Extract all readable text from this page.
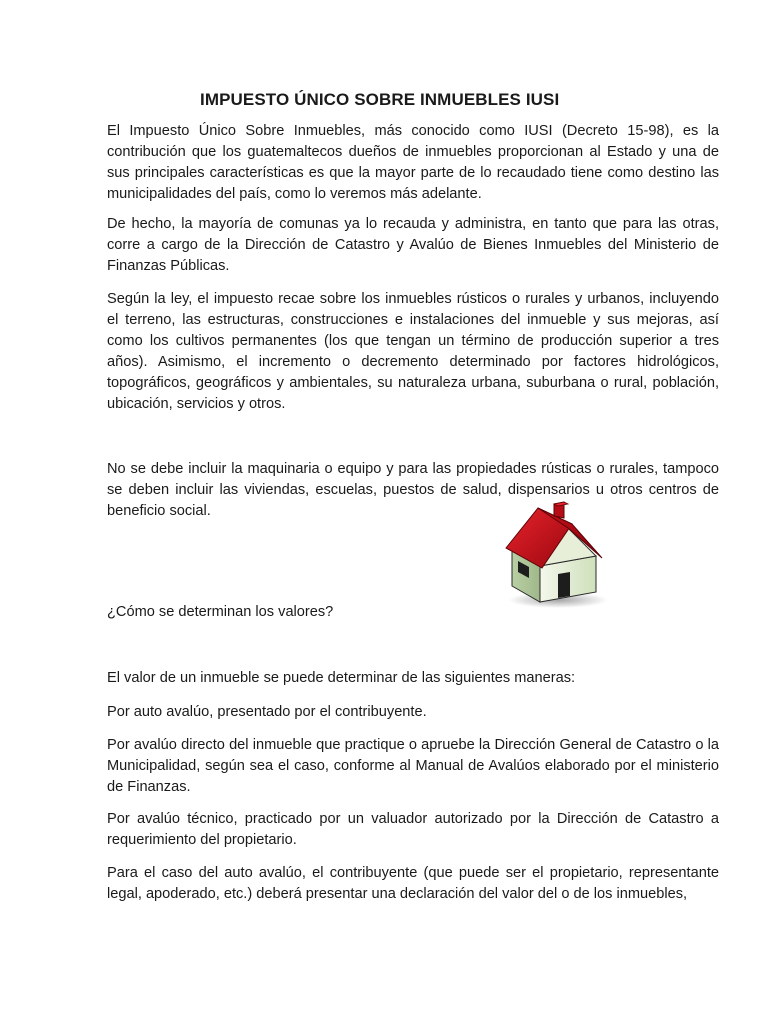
IMPUESTO ÚNICO SOBRE INMUEBLES IUSI

El Impuesto Único Sobre Inmuebles, más conocido como IUSI (Decreto 15-98), es la contribución que los guatemaltecos dueños de inmuebles proporcionan al Estado y una de sus principales características es que la mayor parte de lo recaudado tiene como destino las municipalidades del país, como lo veremos más adelante.

De hecho, la mayoría de comunas ya lo recauda y administra, en tanto que para las otras, corre a cargo de la Dirección de Catastro y Avalúo de Bienes Inmuebles del Ministerio de Finanzas Públicas.

Según la ley, el impuesto recae sobre los inmuebles rústicos o rurales y urbanos, incluyendo el terreno, las estructuras, construcciones e instalaciones del inmueble y sus mejoras, así como los cultivos permanentes (los que tengan un término de producción superior a tres años). Asimismo, el incremento o decremento determinado por factores hidrológicos, topográficos, geográficos y ambientales, su naturaleza urbana, suburbana o rural, población, ubicación, servicios y otros.

No se debe incluir la maquinaria o equipo y para las propiedades rústicas o rurales, tampoco se deben incluir las viviendas, escuelas, puestos de salud, dispensarios u otros centros de beneficio social.

¿Cómo se determinan los valores?

El valor de un inmueble se puede determinar de las siguientes maneras:

Por auto avalúo, presentado por el contribuyente.

Por avalúo directo del inmueble que practique o apruebe la Dirección General de Catastro o la Municipalidad, según sea el caso, conforme al Manual de Avalúos elaborado por el ministerio de Finanzas.

Por avalúo técnico, practicado por un valuador autorizado por la Dirección de Catastro a requerimiento del propietario.

Para el caso del auto avalúo, el contribuyente (que puede ser el propietario, representante legal, apoderado, etc.) deberá presentar una declaración del valor del o de los inmuebles,
